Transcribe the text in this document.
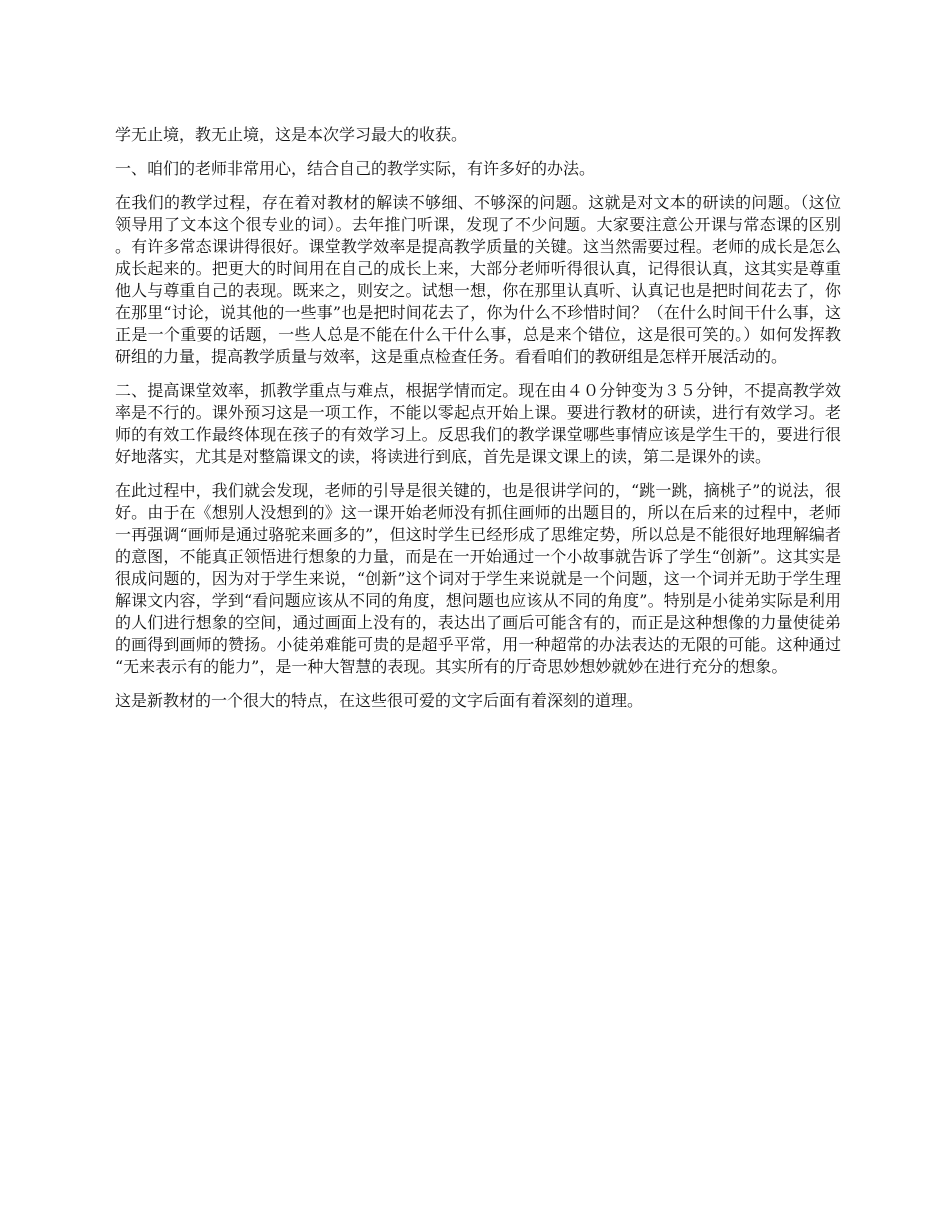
学无止境，教无止境，这是本次学习最大的收获。

一、咱们的老师非常用心，结合自己的教学实际，有许多好的办法。

在我们的教学过程，存在着对教材的解读不够细、不够深的问题。这就是对文本的研读的问题。（这位领导用了文本这个很专业的词）。去年推门听课，发现了不少问题。大家要注意公开课与常态课的区别。有许多常态课讲得很好。课堂教学效率是提高教学质量的关键。这当然需要过程。老师的成长是怎么成长起来的。把更大的时间用在自己的成长上来，大部分老师听得很认真，记得很认真，这其实是尊重他人与尊重自己的表现。既来之，则安之。试想一想，你在那里认真听、认真记也是把时间花去了，你在那里“讨论，说其他的一些事”也是把时间花去了，你为什么不珍惜时间？（在什么时间干什么事，这正是一个重要的话题，一些人总是不能在什么干什么事，总是来个错位，这是很可笑的。）如何发挥教研组的力量，提高教学质量与效率，这是重点检查任务。看看咱们的教研组是怎样开展活动的。

二、提高课堂效率，抓教学重点与难点，根据学情而定。现在由４０分钟变为３５分钟，不提高教学效率是不行的。课外预习这是一项工作，不能以零起点开始上课。要进行教材的研读，进行有效学习。老师的有效工作最终体现在孩子的有效学习上。反思我们的教学课堂哪些事情应该是学生干的，要进行很好地落实，尤其是对整篇课文的读，将读进行到底，首先是课文课上的读，第二是课外的读。

在此过程中，我们就会发现，老师的引导是很关键的，也是很讲学问的，“跳一跳，摘桃子”的说法，很好。由于在《想别人没想到的》这一课开始老师没有抓住画师的出题目的，所以在后来的过程中，老师一再强调“画师是通过骆驼来画多的”，但这时学生已经形成了思维定势，所以总是不能很好地理解编者的意图，不能真正领悟进行想象的力量，而是在一开始通过一个小故事就告诉了学生“创新”。这其实是很成问题的，因为对于学生来说，“创新”这个词对于学生来说就是一个问题，这一个词并无助于学生理解课文内容，学到“看问题应该从不同的角度，想问题也应该从不同的角度”。特别是小徒弟实际是利用的人们进行想象的空间，通过画面上没有的，表达出了画后可能含有的，而正是这种想像的力量使徒弟的画得到画师的赞扬。小徒弟难能可贵的是超乎平常，用一种超常的办法表达的无限的可能。这种通过“无来表示有的能力”，是一种大智慧的表现。其实所有的厅奇思妙想妙就妙在进行充分的想象。

这是新教材的一个很大的特点，在这些很可爱的文字后面有着深刻的道理。
